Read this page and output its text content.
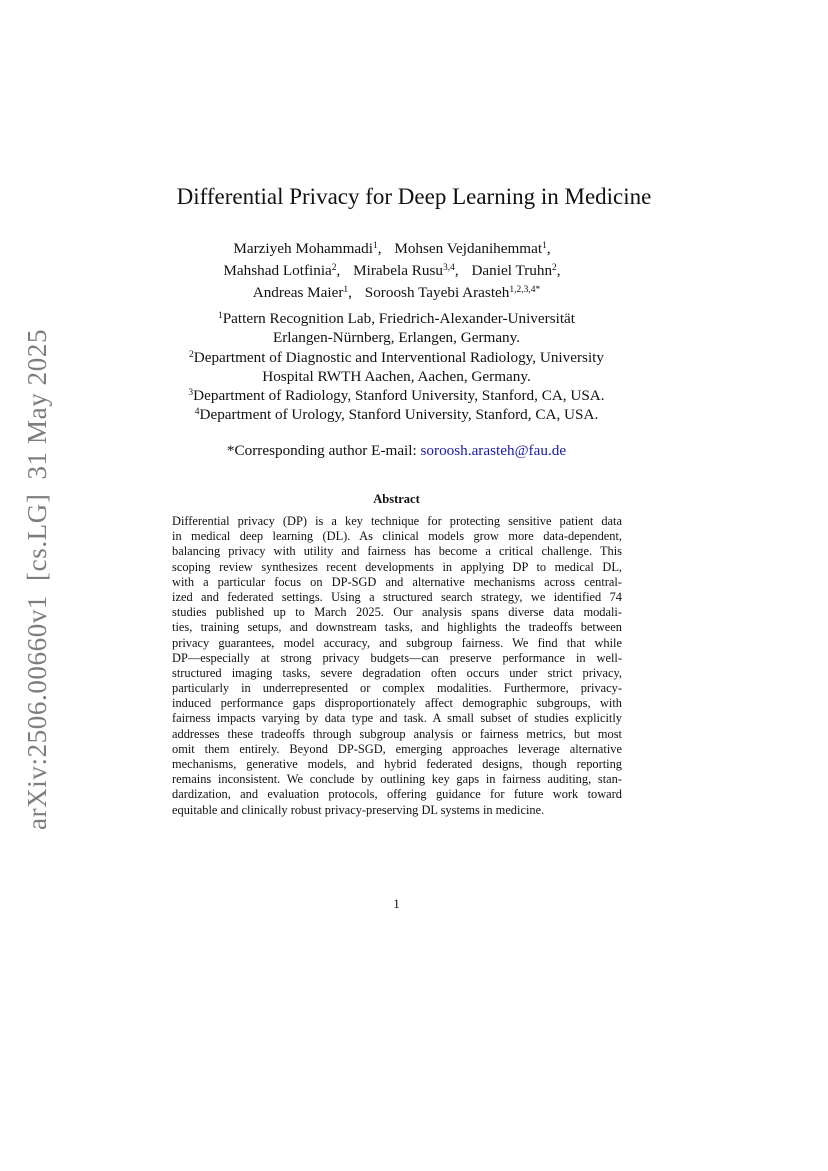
arXiv:2506.00660v1[cs.LG]31 May 2025
Differential Privacy for Deep Learning in Medicine
Marziyeh Mohammadi$^1$, Mohsen Vejdanihemmat$^1$,
Mahshad Lotfinia$^2$, Mirabela Rusu$^{3,4}$, Daniel Truhn$^2$,
Andreas Maier$^1$, Soroosh Tayebi Arasteh$^{1,2,3,4*}$
$^1$Pattern Recognition Lab, Friedrich-Alexander-Universität
Erlangen-Nürnberg, Erlangen, Germany.
$^2$Department of Diagnostic and Interventional Radiology, University
Hospital RWTH Aachen, Aachen, Germany.
$^3$Department of Radiology, Stanford University, Stanford, CA, USA.
$^4$Department of Urology, Stanford University, Stanford, CA, USA.
*Corresponding author E-mail: soroosh.arasteh@fau.de
Abstract
Differential privacy (DP) is a key technique for protecting sensitive patient data
in medical deep learning (DL). As clinical models grow more data-dependent,
balancing privacy with utility and fairness has become a critical challenge. This
scoping review synthesizes recent developments in applying DP to medical DL,
with a particular focus on DP-SGD and alternative mechanisms across central-
ized and federated settings. Using a structured search strategy, we identified 74
studies published up to March 2025. Our analysis spans diverse data modali-
ties, training setups, and downstream tasks, and highlights the tradeoffs between
privacy guarantees, model accuracy, and subgroup fairness. We find that while
DP—especially at strong privacy budgets—can preserve performance in well-
structured imaging tasks, severe degradation often occurs under strict privacy,
particularly in underrepresented or complex modalities. Furthermore, privacy-
induced performance gaps disproportionately affect demographic subgroups, with
fairness impacts varying by data type and task. A small subset of studies explicitly
addresses these tradeoffs through subgroup analysis or fairness metrics, but most
omit them entirely. Beyond DP-SGD, emerging approaches leverage alternative
mechanisms, generative models, and hybrid federated designs, though reporting
remains inconsistent. We conclude by outlining key gaps in fairness auditing, stan-
dardization, and evaluation protocols, offering guidance for future work toward
equitable and clinically robust privacy-preserving DL systems in medicine.
1
